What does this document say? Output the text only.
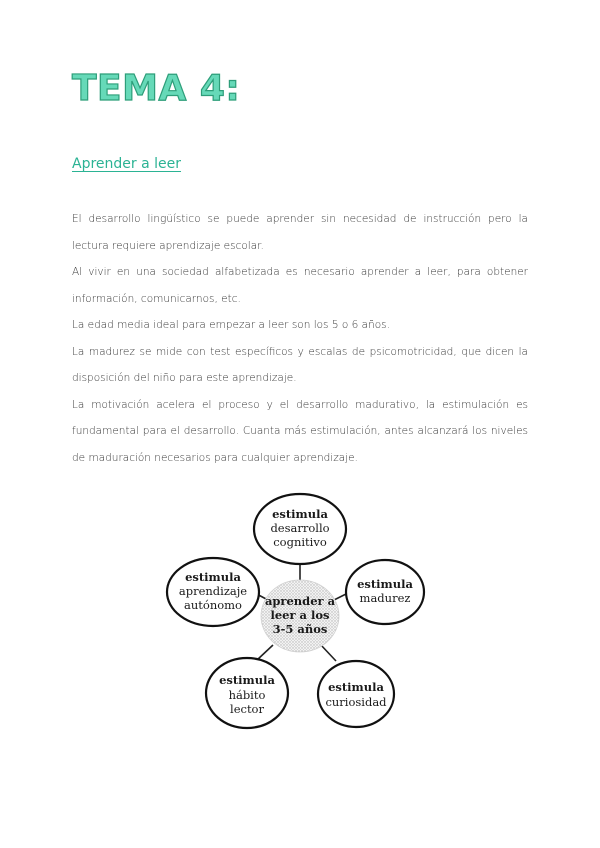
TEMA 4:
Aprender a leer

El desarrollo lingüístico se puede aprender sin necesidad de instrucción pero la lectura requiere aprendizaje escolar.

Al vivir en una sociedad alfabetizada es necesario aprender a leer, para obtener información, comunicarnos, etc.

La edad media ideal para empezar a leer son los 5 o 6 años.

La madurez se mide con test específicos y escalas de psicomotricidad, que dicen la disposición del niño para este aprendizaje.

La motivación acelera el proceso y el desarrollo madurativo, la estimulación es fundamental para el desarrollo. Cuanta más estimulación, antes alcanzará los niveles de maduración necesarios para cualquier aprendizaje.

aprender a
leer a los
3-5 años
estimula
desarrollo
cognitivo
estimula
madurez
estimula
curiosidad
estimula
hábito
lector
estimula
aprendizaje
autónomo
